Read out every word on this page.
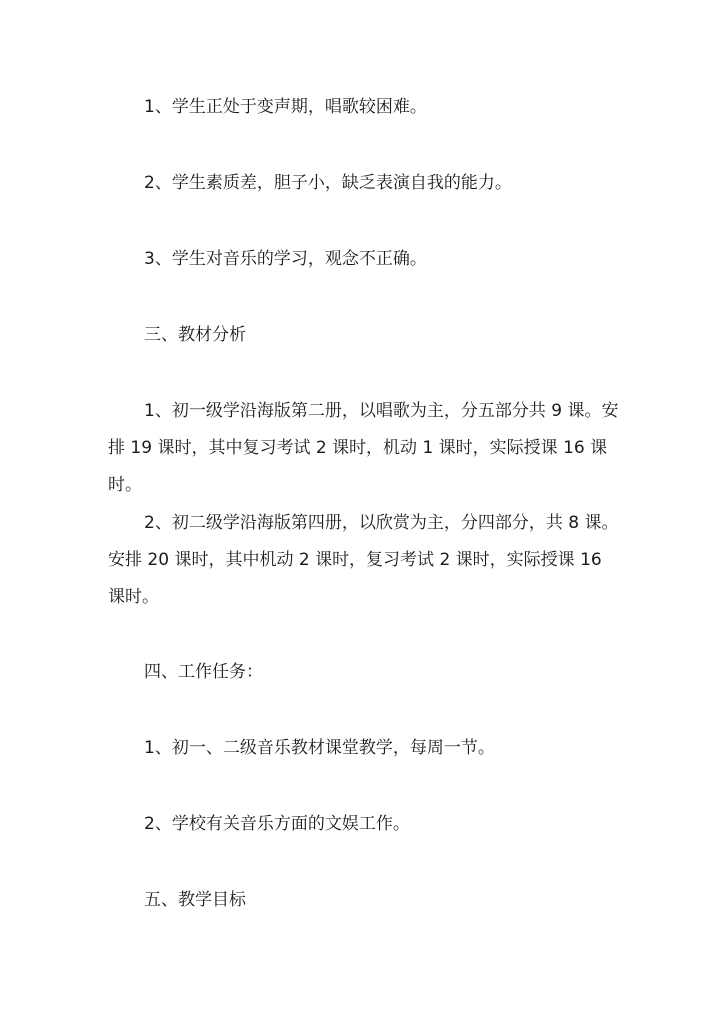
1、学生正处于变声期，唱歌较困难。

2、学生素质差，胆子小，缺乏表演自我的能力。

3、学生对音乐的学习，观念不正确。

三、教材分析

1、初一级学沿海版第二册，以唱歌为主，分五部分共 9 课。安排 19 课时，其中复习考试 2 课时，机动 1 课时，实际授课 16 课时。

2、初二级学沿海版第四册，以欣赏为主，分四部分，共 8 课。安排 20 课时，其中机动 2 课时，复习考试 2 课时，实际授课 16 课时。

四、工作任务：

1、初一、二级音乐教材课堂教学，每周一节。

2、学校有关音乐方面的文娱工作。

五、教学目标
